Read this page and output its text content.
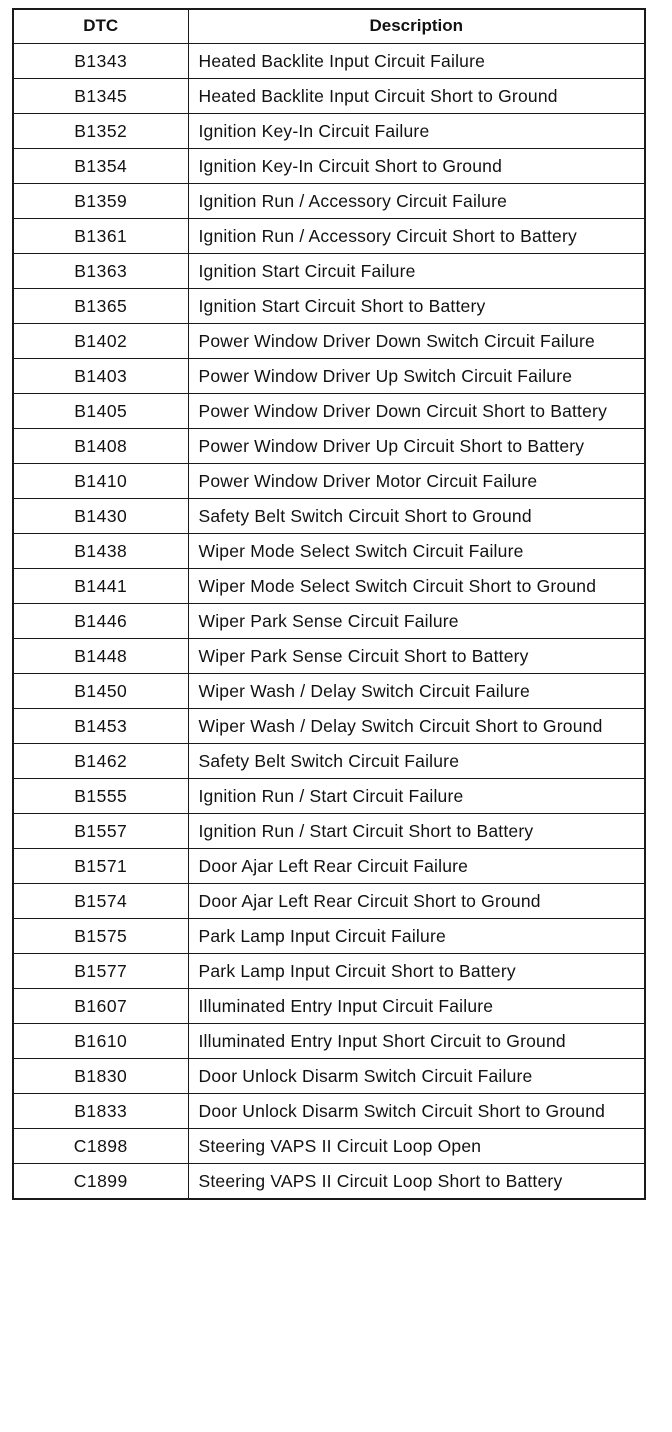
DTC	Description
B1343	Heated Backlite Input Circuit Failure
B1345	Heated Backlite Input Circuit Short to Ground
B1352	Ignition Key-In Circuit Failure
B1354	Ignition Key-In Circuit Short to Ground
B1359	Ignition Run / Accessory Circuit Failure
B1361	Ignition Run / Accessory Circuit Short to Battery
B1363	Ignition Start Circuit Failure
B1365	Ignition Start Circuit Short to Battery
B1402	Power Window Driver Down Switch Circuit Failure
B1403	Power Window Driver Up Switch Circuit Failure
B1405	Power Window Driver Down Circuit Short to Battery
B1408	Power Window Driver Up Circuit Short to Battery
B1410	Power Window Driver Motor Circuit Failure
B1430	Safety Belt Switch Circuit Short to Ground
B1438	Wiper Mode Select Switch Circuit Failure
B1441	Wiper Mode Select Switch Circuit Short to Ground
B1446	Wiper Park Sense Circuit Failure
B1448	Wiper Park Sense Circuit Short to Battery
B1450	Wiper Wash / Delay Switch Circuit Failure
B1453	Wiper Wash / Delay Switch Circuit Short to Ground
B1462	Safety Belt Switch Circuit Failure
B1555	Ignition Run / Start Circuit Failure
B1557	Ignition Run / Start Circuit Short to Battery
B1571	Door Ajar Left Rear Circuit Failure
B1574	Door Ajar Left Rear Circuit Short to Ground
B1575	Park Lamp Input Circuit Failure
B1577	Park Lamp Input Circuit Short to Battery
B1607	Illuminated Entry Input Circuit Failure
B1610	Illuminated Entry Input Short Circuit to Ground
B1830	Door Unlock Disarm Switch Circuit Failure
B1833	Door Unlock Disarm Switch Circuit Short to Ground
C1898	Steering VAPS II Circuit Loop Open
C1899	Steering VAPS II Circuit Loop Short to Battery
